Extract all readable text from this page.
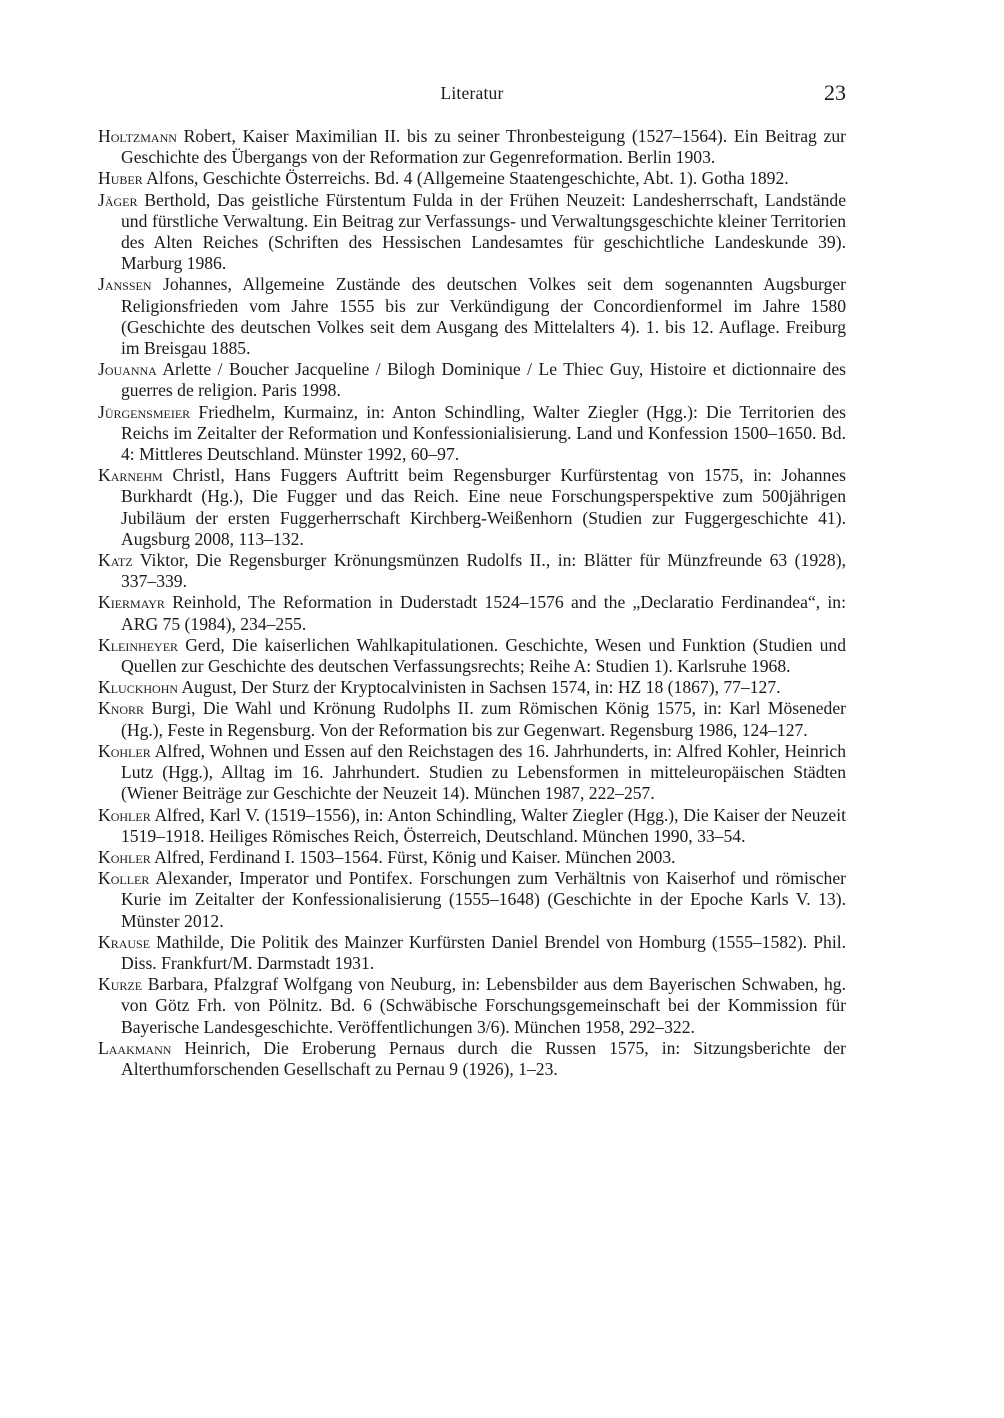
Literatur	23
Holtzmann Robert, Kaiser Maximilian II. bis zu seiner Thronbesteigung (1527–1564). Ein Beitrag zur Geschichte des Übergangs von der Reformation zur Gegenreformation. Berlin 1903.
Huber Alfons, Geschichte Österreichs. Bd. 4 (Allgemeine Staatengeschichte, Abt. 1). Gotha 1892.
Jäger Berthold, Das geistliche Fürstentum Fulda in der Frühen Neuzeit: Landesherrschaft, Landstände und fürstliche Verwaltung. Ein Beitrag zur Verfassungs- und Verwaltungsgeschichte kleiner Territorien des Alten Reiches (Schriften des Hessischen Landesamtes für geschichtliche Landeskunde 39). Marburg 1986.
Janssen Johannes, Allgemeine Zustände des deutschen Volkes seit dem sogenannten Augsburger Religionsfrieden vom Jahre 1555 bis zur Verkündigung der Concordienformel im Jahre 1580 (Geschichte des deutschen Volkes seit dem Ausgang des Mittelalters 4). 1. bis 12. Auflage. Freiburg im Breisgau 1885.
Jouanna Arlette / Boucher Jacqueline / Bilogh Dominique / Le Thiec Guy, Histoire et dictionnaire des guerres de religion. Paris 1998.
Jürgensmeier Friedhelm, Kurmainz, in: Anton Schindling, Walter Ziegler (Hgg.): Die Territorien des Reichs im Zeitalter der Reformation und Konfessionialisierung. Land und Konfession 1500–1650. Bd. 4: Mittleres Deutschland. Münster 1992, 60–97.
Karnehm Christl, Hans Fuggers Auftritt beim Regensburger Kurfürstentag von 1575, in: Johannes Burkhardt (Hg.), Die Fugger und das Reich. Eine neue Forschungsperspektive zum 500jährigen Jubiläum der ersten Fuggerherrschaft Kirchberg-Weißenhorn (Studien zur Fuggergeschichte 41). Augsburg 2008, 113–132.
Katz Viktor, Die Regensburger Krönungsmünzen Rudolfs II., in: Blätter für Münzfreunde 63 (1928), 337–339.
Kiermayr Reinhold, The Reformation in Duderstadt 1524–1576 and the „Declaratio Ferdinandea“, in: ARG 75 (1984), 234–255.
Kleinheyer Gerd, Die kaiserlichen Wahlkapitulationen. Geschichte, Wesen und Funktion (Studien und Quellen zur Geschichte des deutschen Verfassungsrechts; Reihe A: Studien 1). Karlsruhe 1968.
Kluckhohn August, Der Sturz der Kryptocalvinisten in Sachsen 1574, in: HZ 18 (1867), 77–127.
Knorr Burgi, Die Wahl und Krönung Rudolphs II. zum Römischen König 1575, in: Karl Möseneder (Hg.), Feste in Regensburg. Von der Reformation bis zur Gegenwart. Regensburg 1986, 124–127.
Kohler Alfred, Wohnen und Essen auf den Reichstagen des 16. Jahrhunderts, in: Alfred Kohler, Heinrich Lutz (Hgg.), Alltag im 16. Jahrhundert. Studien zu Lebensformen in mitteleuropäischen Städten (Wiener Beiträge zur Geschichte der Neuzeit 14). München 1987, 222–257.
Kohler Alfred, Karl V. (1519–1556), in: Anton Schindling, Walter Ziegler (Hgg.), Die Kaiser der Neuzeit 1519–1918. Heiliges Römisches Reich, Österreich, Deutschland. München 1990, 33–54.
Kohler Alfred, Ferdinand I. 1503–1564. Fürst, König und Kaiser. München 2003.
Koller Alexander, Imperator und Pontifex. Forschungen zum Verhältnis von Kaiserhof und römischer Kurie im Zeitalter der Konfessionalisierung (1555–1648) (Geschichte in der Epoche Karls V. 13). Münster 2012.
Krause Mathilde, Die Politik des Mainzer Kurfürsten Daniel Brendel von Homburg (1555–1582). Phil. Diss. Frankfurt/M. Darmstadt 1931.
Kurze Barbara, Pfalzgraf Wolfgang von Neuburg, in: Lebensbilder aus dem Bayerischen Schwaben, hg. von Götz Frh. von Pölnitz. Bd. 6 (Schwäbische Forschungsgemeinschaft bei der Kommission für Bayerische Landesgeschichte. Veröffentlichungen 3/6). München 1958, 292–322.
Laakmann Heinrich, Die Eroberung Pernaus durch die Russen 1575, in: Sitzungsberichte der Alterthumforschenden Gesellschaft zu Pernau 9 (1926), 1–23.
